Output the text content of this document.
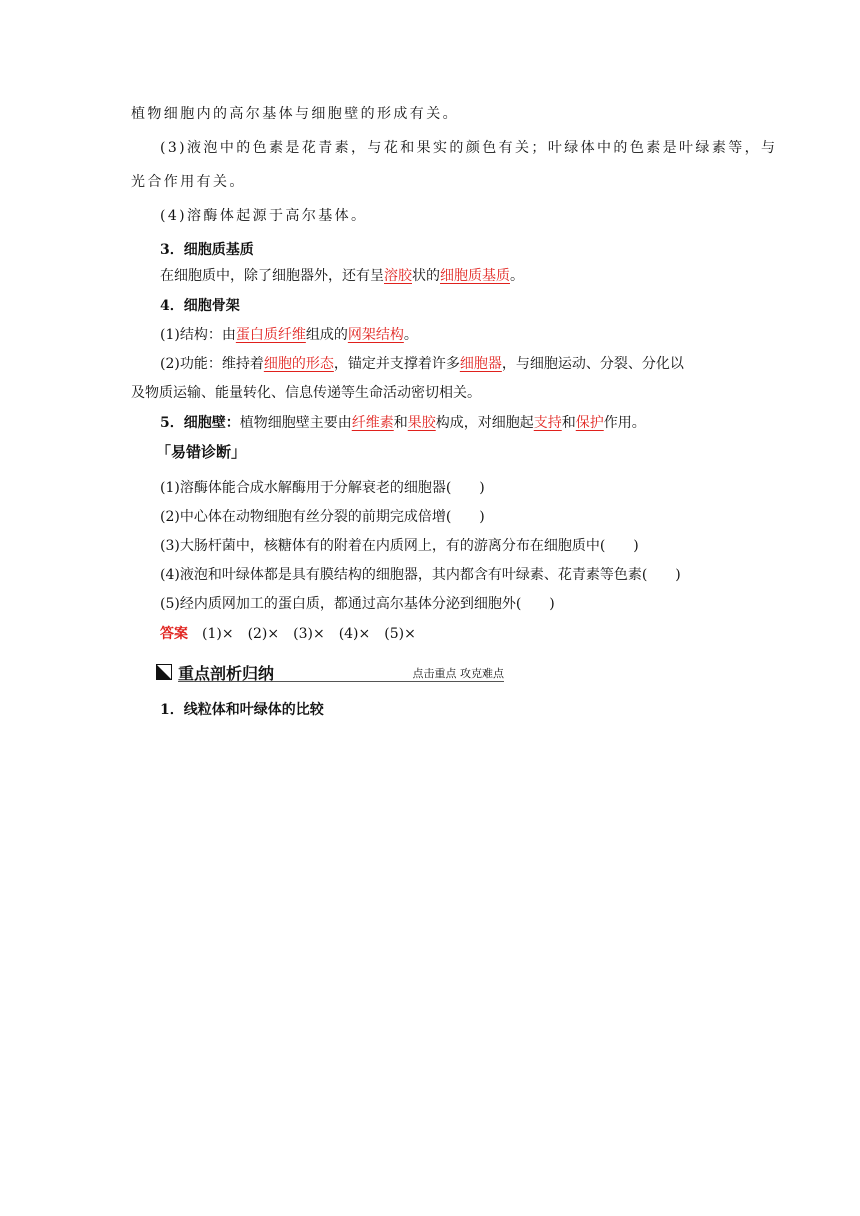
植物细胞内的高尔基体与细胞壁的形成有关。
(3)液泡中的色素是花青素，与花和果实的颜色有关；叶绿体中的色素是叶绿素等，与
光合作用有关。
(4)溶酶体起源于高尔基体。
3．细胞质基质
在细胞质中，除了细胞器外，还有呈溶胶状的细胞质基质。
4．细胞骨架
(1)结构：由蛋白质纤维组成的网架结构。
(2)功能：维持着细胞的形态，锚定并支撑着许多细胞器，与细胞运动、分裂、分化以
及物质运输、能量转化、信息传递等生命活动密切相关。
5．细胞壁：植物细胞壁主要由纤维素和果胶构成，对细胞起支持和保护作用。
「易错诊断」
(1)溶酶体能合成水解酶用于分解衰老的细胞器( )
(2)中心体在动物细胞有丝分裂的前期完成倍增( )
(3)大肠杆菌中，核糖体有的附着在内质网上，有的游离分布在细胞质中( )
(4)液泡和叶绿体都是具有膜结构的细胞器，其内都含有叶绿素、花青素等色素( )
(5)经内质网加工的蛋白质，都通过高尔基体分泌到细胞外( )
答案 (1)× (2)× (3)× (4)× (5)×
重点剖析归纳	点击重点 攻克难点
1．线粒体和叶绿体的比较
